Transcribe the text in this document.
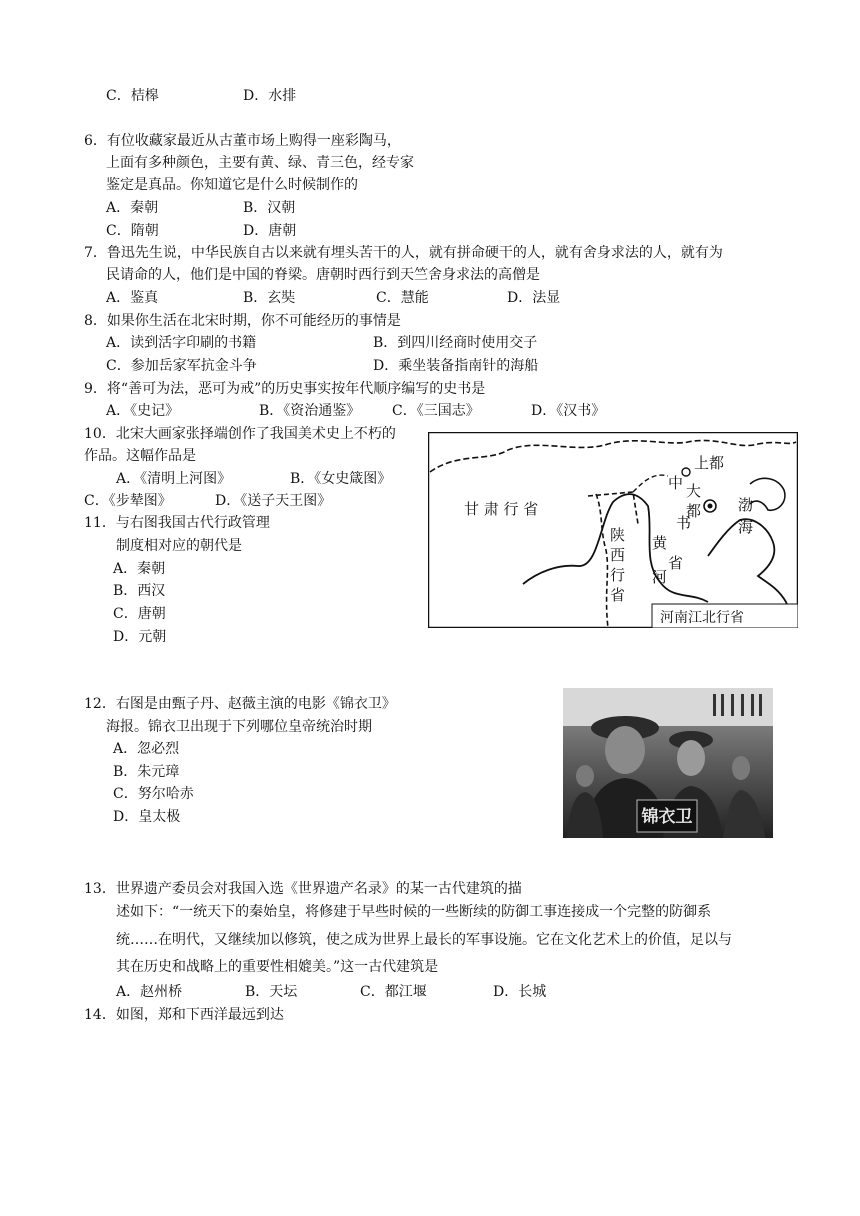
C．桔槔	D．水排
6．有位收藏家最近从古董市场上购得一座彩陶马，
上面有多种颜色，主要有黄、绿、青三色，经专家
鉴定是真品。你知道它是什么时候制作的
A．秦朝	B．汉朝
C．隋朝	D．唐朝
7．鲁迅先生说，中华民族自古以来就有埋头苦干的人，就有拼命硬干的人，就有舍身求法的人，就有为
民请命的人，他们是中国的脊梁。唐朝时西行到天竺舍身求法的高僧是
A．鉴真	B．玄奘	C．慧能	D．法显
8．如果你生活在北宋时期，你不可能经历的事情是
A．读到活字印刷的书籍	B．到四川经商时使用交子
C．参加岳家军抗金斗争	D．乘坐装备指南针的海船
9．将“善可为法，恶可为戒”的历史事实按年代顺序编写的史书是
A．《史记》	B．《资治通鉴》 C．《三国志》	D．《汉书》
10．北宋大画家张择端创作了我国美术史上不朽的
作品。这幅作品是
A．《清明上河图》	B．《女史箴图》
C．《步辇图》	D．《送子天王图》
11．与右图我国古代行政管理
制度相对应的朝代是
A．秦朝
B．西汉
C．唐朝
D．元朝
甘 肃 行 省
陕
西
行
省
中
书
省
大
都
上都
黄
河
渤
海
河南江北行省
12．右图是由甄子丹、赵薇主演的电影《锦衣卫》
海报。锦衣卫出现于下列哪位皇帝统治时期
A．忽必烈
B．朱元璋
C．努尔哈赤
D．皇太极	锦衣卫
13．世界遗产委员会对我国入选《世界遗产名录》的某一古代建筑的描
述如下：“一统天下的秦始皇，将修建于早些时候的一些断续的防御工事连接成一个完整的防御系
统……在明代，又继续加以修筑，使之成为世界上最长的军事设施。它在文化艺术上的价值，足以与
其在历史和战略上的重要性相媲美。”这一古代建筑是
A．赵州桥	B．天坛	C．都江堰	D．长城
14．如图，郑和下西洋最远到达
